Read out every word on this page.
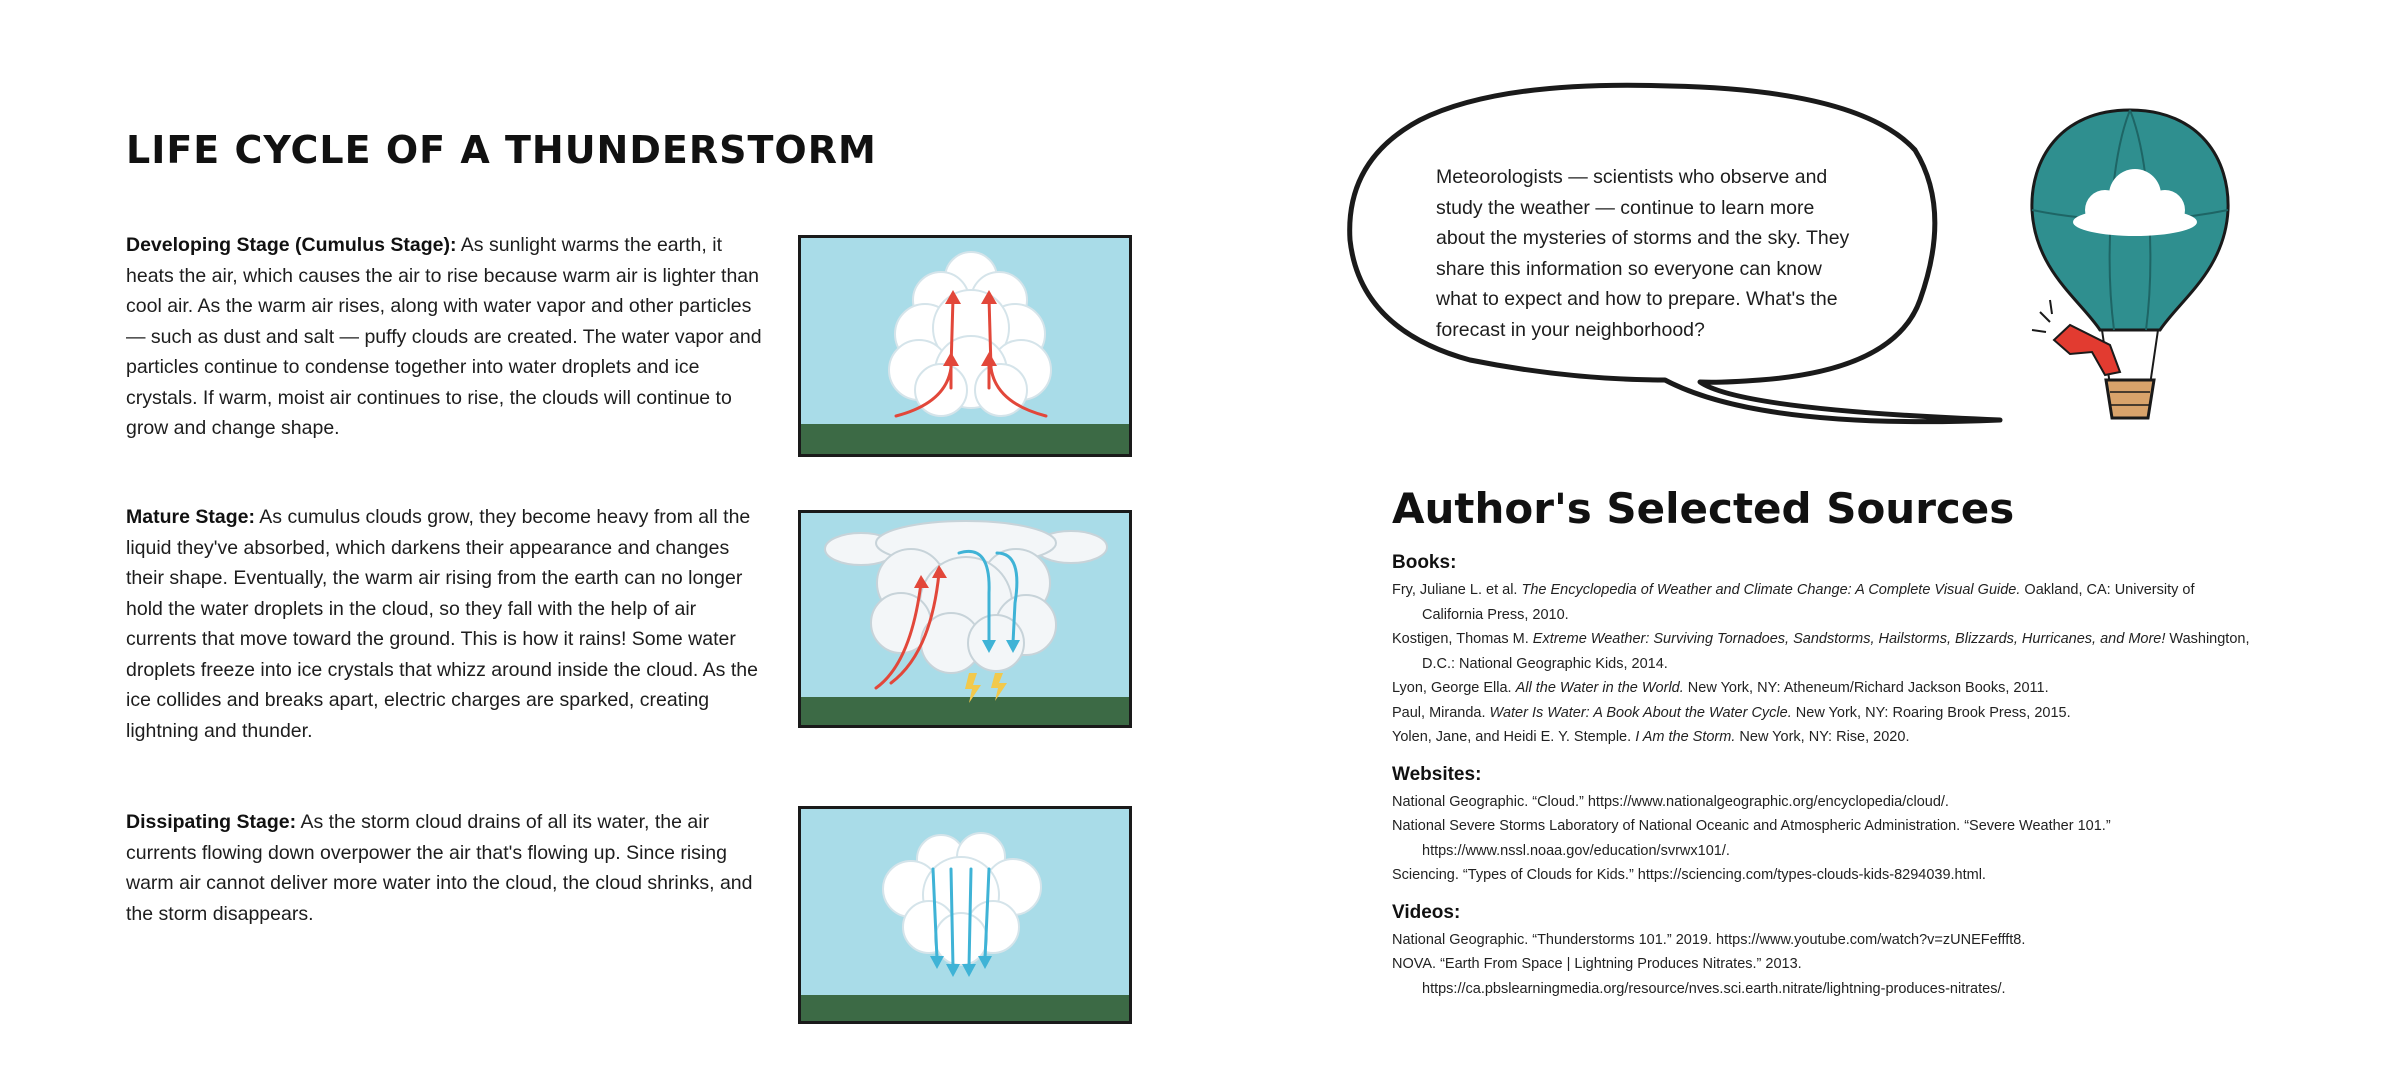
LIFE CYCLE OF A THUNDERSTORM

Developing Stage (Cumulus Stage): As sunlight warms the earth, it heats the air, which causes the air to rise because warm air is lighter than cool air. As the warm air rises, along with water vapor and other particles — such as dust and salt — puffy clouds are created. The water vapor and particles continue to condense together into water droplets and ice crystals. If warm, moist air continues to rise, the clouds will continue to grow and change shape.

Mature Stage: As cumulus clouds grow, they become heavy from all the liquid they've absorbed, which darkens their appearance and changes their shape. Eventually, the warm air rising from the earth can no longer hold the water droplets in the cloud, so they fall with the help of air currents that move toward the ground. This is how it rains! Some water droplets freeze into ice crystals that whizz around inside the cloud. As the ice collides and breaks apart, electric charges are sparked, creating lightning and thunder.

Dissipating Stage: As the storm cloud drains of all its water, the air currents flowing down overpower the air that's flowing up. Since rising warm air cannot deliver more water into the cloud, the cloud shrinks, and the storm disappears.

Meteorologists — scientists who observe and study the weather — continue to learn more about the mysteries of storms and the sky. They share this information so everyone can know what to expect and how to prepare. What's the forecast in your neighborhood?

Author's Selected Sources

Books:

Fry, Juliane L. et al. The Encyclopedia of Weather and Climate Change: A Complete Visual Guide. Oakland, CA: University of California Press, 2010.

Kostigen, Thomas M. Extreme Weather: Surviving Tornadoes, Sandstorms, Hailstorms, Blizzards, Hurricanes, and More! Washington, D.C.: National Geographic Kids, 2014.

Lyon, George Ella. All the Water in the World. New York, NY: Atheneum/Richard Jackson Books, 2011.

Paul, Miranda. Water Is Water: A Book About the Water Cycle. New York, NY: Roaring Brook Press, 2015.

Yolen, Jane, and Heidi E. Y. Stemple. I Am the Storm. New York, NY: Rise, 2020.

Websites:

National Geographic. “Cloud.” https://www.nationalgeographic.org/encyclopedia/cloud/.

National Severe Storms Laboratory of National Oceanic and Atmospheric Administration. “Severe Weather 101.” https://www.nssl.noaa.gov/education/svrwx101/.

Sciencing. “Types of Clouds for Kids.” https://sciencing.com/types-clouds-kids-8294039.html.

Videos:

National Geographic. “Thunderstorms 101.” 2019. https://www.youtube.com/watch?v=zUNEFeffft8.

NOVA. “Earth From Space | Lightning Produces Nitrates.” 2013. https://ca.pbslearningmedia.org/resource/nves.sci.earth.nitrate/lightning-produces-nitrates/.
